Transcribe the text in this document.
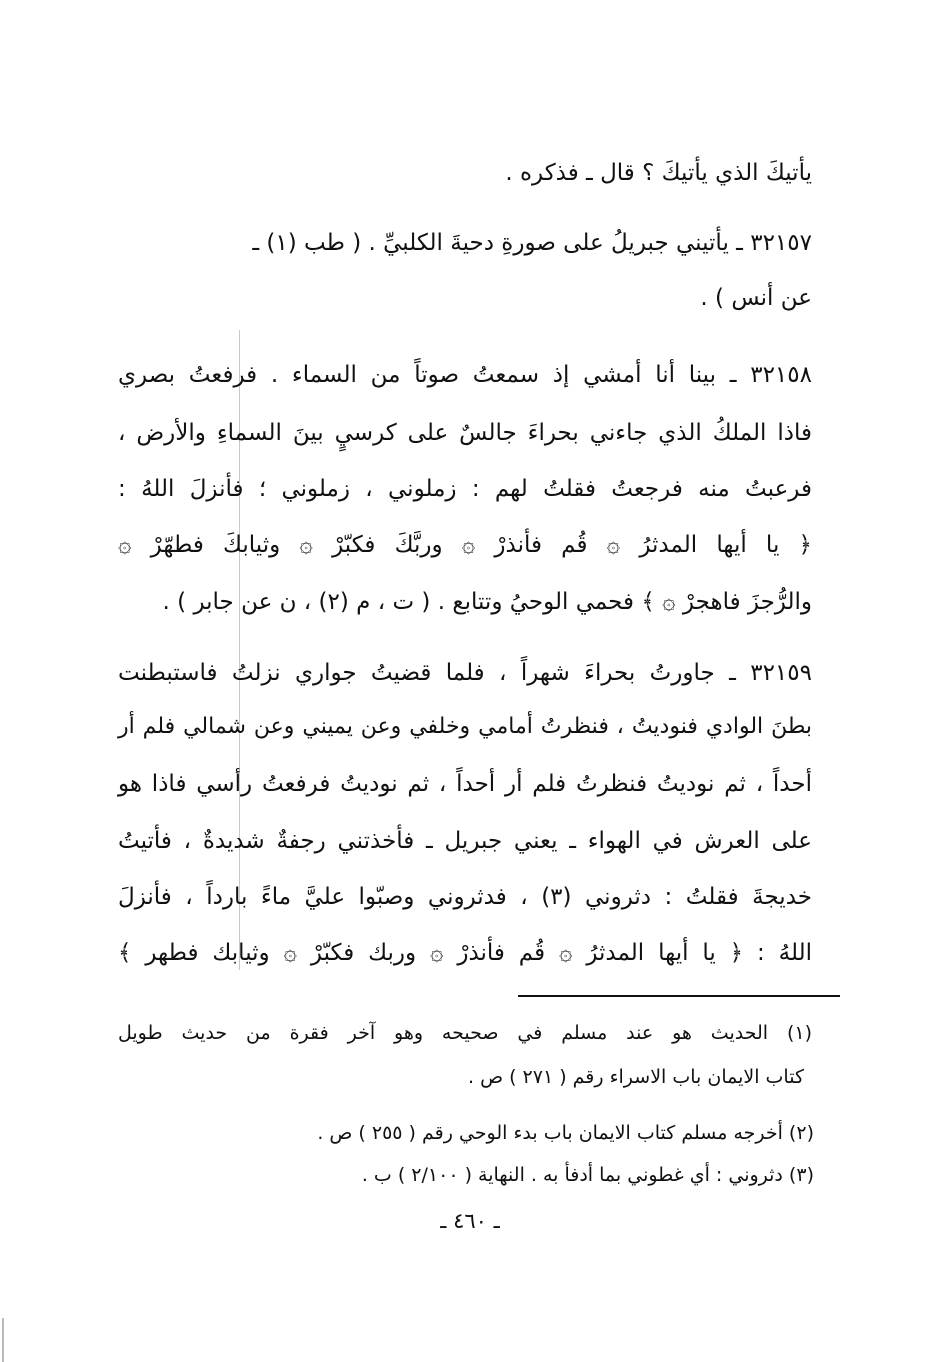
يأتيكَ الذي يأتيكَ ؟ قال ـ فذكره .
٣٢١٥٧ ـ يأتيني جبريلُ على صورةِ دحيةَ الكلبيِّ . ( طب (١) ـ
عن أنس ) .
٣٢١٥٨ ـ بينا أنا أمشي إذ سمعتُ صوتاً من السماء . فرفعتُ بصري
فاذا الملكُ الذي جاءني بحراءَ جالسٌ على كرسيٍ بينَ السماءِ والأرض ،
فرعبتُ منه فرجعتُ فقلتُ لهم : زملوني ، زملوني ؛ فأنزلَ اللهُ :
﴿ يا أيها المدثرُ ۞ قُم فأنذرْ ۞ وربَّكَ فكبّرْ ۞ وثيابكَ فطهّرْ ۞
والرُّجزَ فاهجرْ ۞ ﴾ فحمي الوحيُ وتتابع . ( ت ، م (٢) ، ن عن جابر ) .
٣٢١٥٩ ـ جاورتُ بحراءَ شهراً ، فلما قضيتُ جواري نزلتُ فاستبطنت
بطنَ الوادي فنوديتُ ، فنظرتُ أمامي وخلفي وعن يميني وعن شمالي فلم أر
أحداً ، ثم نوديتُ فنظرتُ فلم أر أحداً ، ثم نوديتُ فرفعتُ رأسي فاذا هو
على العرش في الهواء ـ يعني جبريل ـ فأخذتني رجفةٌ شديدةٌ ، فأتيتُ
خديجةَ فقلتُ : دثروني (٣) ، فدثروني وصبّوا عليَّ ماءً بارداً ، فأنزلَ
اللهُ : ﴿ يا أيها المدثرُ ۞ قُم فأنذرْ ۞ وربك فكبّرْ ۞ وثيابك فطهر ﴾
(١) الحديث هو عند مسلم في صحيحه وهو آخر فقرة من حديث طويل
كتاب الايمان باب الاسراء رقم ( ٢٧١ ) ص .
(٢) أخرجه مسلم كتاب الايمان باب بدء الوحي رقم ( ٢٥٥ ) ص .
(٣) دثروني : أي غطوني بما أدفأ به . النهاية ( ٢/١٠٠ ) ب .
ـ ٤٦٠ ـ
